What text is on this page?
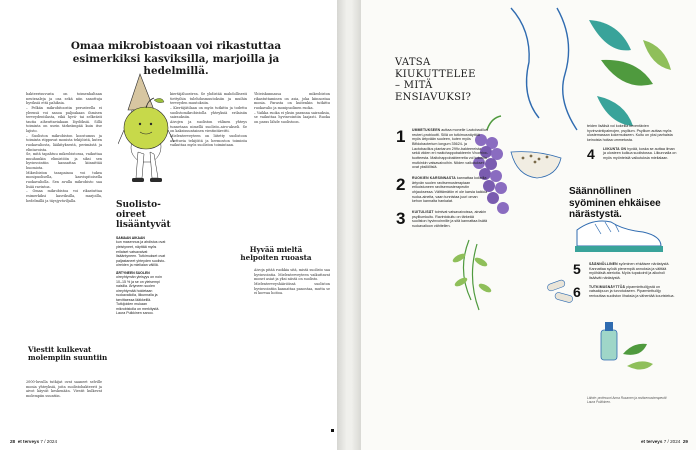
Omaa mikrobistoaan voi rikastuttaa esimerkiksi kasviksilla, marjoilla ja hedelmillä.

bakteerisuvusta on toimenhaltaan neutraaleja ja osa sekä niin sanottuja hyviksiä että pahiksia.

– Pelkän mikrobitoostin perusteella ei yleensä voi sanoa paljoakaan ihmisen terveydentilasta, eikä hyvä- tai selkeästi tautia aiheuttaviakaan löydöksiä. Sillä toiminta on usein tärkeämpää kuin itse lajisto.

– Suoliston mikrobiston koostumus ja toiminta riippuvat monista tekijöistä, kuten ruokavaliosta, lääkityksestä, perimästä ja elintavoista.

Se, mitä tapahtuu mikrobistossa, vaikuttaa muuhunkin elimistöön ja siksi sen hyvinvointiin kannattaa kiinnittää huomiota.

Mikrobiston tasapainoa voi tukea monipuolisella, kasvispitoisella ruokavaliolla. Sen avulla mikrobisto saa lisää ravintoa.

– Omaa mikrobistoa voi rikastuttaa esimerkiksi kasviksilla, marjoilla, hedelmillä ja täysjyväviljalla.

Viestit kulkevat molempiin suuntiin
2000-luvulla tutkijat ovat saaneet selville monia yhteyksiä, joita suolistobakteerit ja aivot käyvät keskenään. Viestit kulkevat molempiin suuntiin.
Suolisto-
oireet
lisääntyvät
SAMAAN AIKAAN
kun masennus ja ahdistus ovat yleistyneet, näyttää myös erilaiset vatsavaivat lisääntyneen. Tutkimukset ovat paljastaneet yhteyden suolisto-oireiden ja mielialan välillä.
ÄRTYNEEN SUOLEN
oireyhtymän yleisyys on noin 10–15 % ja se on yleisempi naisilla. Ärtyneen suolen oireyhtymää hoidetaan ruokavaliolla, liikunnalla ja tarvittaessa lääkkeillä. Tutkijoiden mukaan mikrobistolla on merkitystä. Laura Pulkkinen sanoo.

kiertäjäluostrea. Se yhdistää mahdollisesti tiettyihin tulehdusmuutoksiin ja muihin terveyden muutoksiin.

– Kiertäjätilaan on myös tutkittu ja todettu suolistomikrobistolla yhteyksiä erilaisiin sairauksiin.

Aivojen ja suoliston välinen yhteys tunnetaan nimellä suolisto–aivo-akseli. Se on kaksisuuntainen viestintäreitti.

Mielenterveyteen on liitetty suolistoon asettuvia tekijöitä ja hermoston toiminta vaikuttaa myös suoliston toimintaan.

Yhteiskunnassa mikrobiston rikastuttaminen on asia, joka kiinnostaa monia. Parasta on kuitenkin tutkittu ruokavalio ja monipuolinen ruoka.

– Vaikka ruoka ei yksin paranna sairauksia, se vaikuttaa hyvinvointiin laajasti. Ruoka on paras lähde suolistoon.

Hyvää mieltä helpoiten ruoasta

Aivoja pitää ruokkia sitä, mistä suolisto saa hyvinvointia. Mielenterveyteen vaikuttavat monet asiat ja yksi niistä on suolisto.

Mielenterveyshäiriöissä suoliston hyvinvointiin kannattaa panostaa, mutta se ei korvaa hoitoa.

28 et terveys 7 / 2024
VATSA KIUKUTTELEE
– MITÄ ENSIAVUKSI?
1 UMMETUKSEEN auttaa monelle Lactobacillus reuteri-probiootti. Sillä on tutkimusnäyttöä myös ärtyvään suoleen, kuten myös Bifidobacterium longum 35624- ja Lactobacillus plantarum 299v-bakteereista sekä viiden eri maitohappobakteerin Vivomixx-tuotteesta. Maitohappobakteereita voi kokeilla mutkinkin vatsavaivoihin. Niiden vaikutukset ovat yksilöllisiä.
2 RUOKIEN KARSINNASTA kannattaa kokeilla ärtyvän suolen ravitsemusterapiaan erikoistuneen ravitsemusterapeutin ohjauksessa. Välttämätön ei ole karsia kaikkia ruoka-aineita, vaan tunnistaa juuri oman kehon kannalta hankalat.
3 KUITULISÄT toimivat vatsavaivoissa, ainakin psylliumkuitu. Ravintokuitu on tärkeää suoliston hyvinvoinnille ja sitä kannattaa lisätä ruokavalioon vähitellen.
teiden lisälisä voi kokeilla keventävien hyvinvointipalmojen, psyllium. Psyllium auttaa myös ulostemassan kokemukseen. Kuitu on yksi parhaista keinoista hoitaa ummetusta.
4 LIIKUNTA ON hyvää, koska se auttaa ilman ja ulosteen kulkua suolistossa. Liikunnalla on myös myönteisiä vaikutuksia mielialaan.
Säännöllinen syöminen ehkäisee närästystä.
5 SÄÄNNÖLLINEN syöminen ehkäisee närästystä. Kannattaa syödä pienempiä annoksia ja välttää myöhäisiä aterioita. Myös tupakointi ja alkoholi lisäävät närästystä.
6 TUTKIMUSNÄYTTÖÄ piparminttuöljystä on vatsakipuun ja turvotukseen. Piparminttuöljy rentouttaa suoliston lihaksia ja vähentää kouristelua.
Lähde: professori Anna Rusanen ja ravitsemusterapeutti Laura Pulkkinen.
et terveys 7 / 2024 29
